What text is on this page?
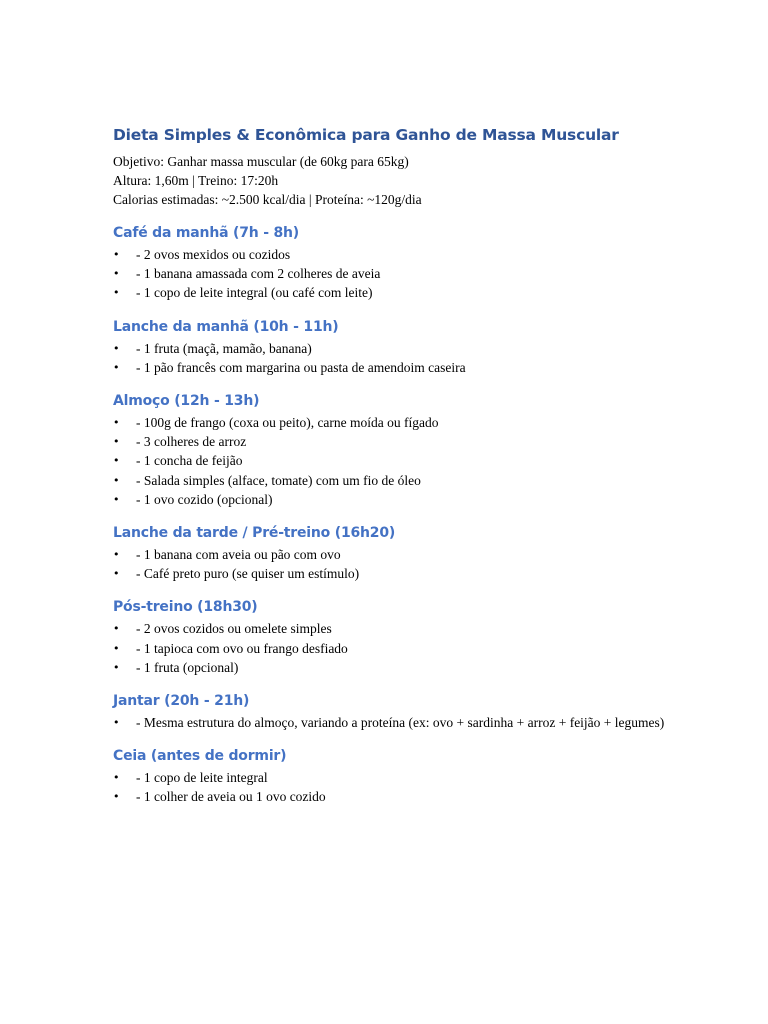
Dieta Simples & Econômica para Ganho de Massa Muscular

Objetivo: Ganhar massa muscular (de 60kg para 65kg)

Altura: 1,60m | Treino: 17:20h

Calorias estimadas: ~2.500 kcal/dia | Proteína: ~120g/dia

Café da manhã (7h - 8h)
• - 2 ovos mexidos ou cozidos
• - 1 banana amassada com 2 colheres de aveia
• - 1 copo de leite integral (ou café com leite)
Lanche da manhã (10h - 11h)
• - 1 fruta (maçã, mamão, banana)
• - 1 pão francês com margarina ou pasta de amendoim caseira
Almoço (12h - 13h)
• - 100g de frango (coxa ou peito), carne moída ou fígado
• - 3 colheres de arroz
• - 1 concha de feijão
• - Salada simples (alface, tomate) com um fio de óleo
• - 1 ovo cozido (opcional)
Lanche da tarde / Pré-treino (16h20)
• - 1 banana com aveia ou pão com ovo
• - Café preto puro (se quiser um estímulo)
Pós-treino (18h30)
• - 2 ovos cozidos ou omelete simples
• - 1 tapioca com ovo ou frango desfiado
• - 1 fruta (opcional)
Jantar (20h - 21h)
• - Mesma estrutura do almoço, variando a proteína (ex: ovo + sardinha + arroz + feijão + legumes)
Ceia (antes de dormir)
• - 1 copo de leite integral
• - 1 colher de aveia ou 1 ovo cozido
